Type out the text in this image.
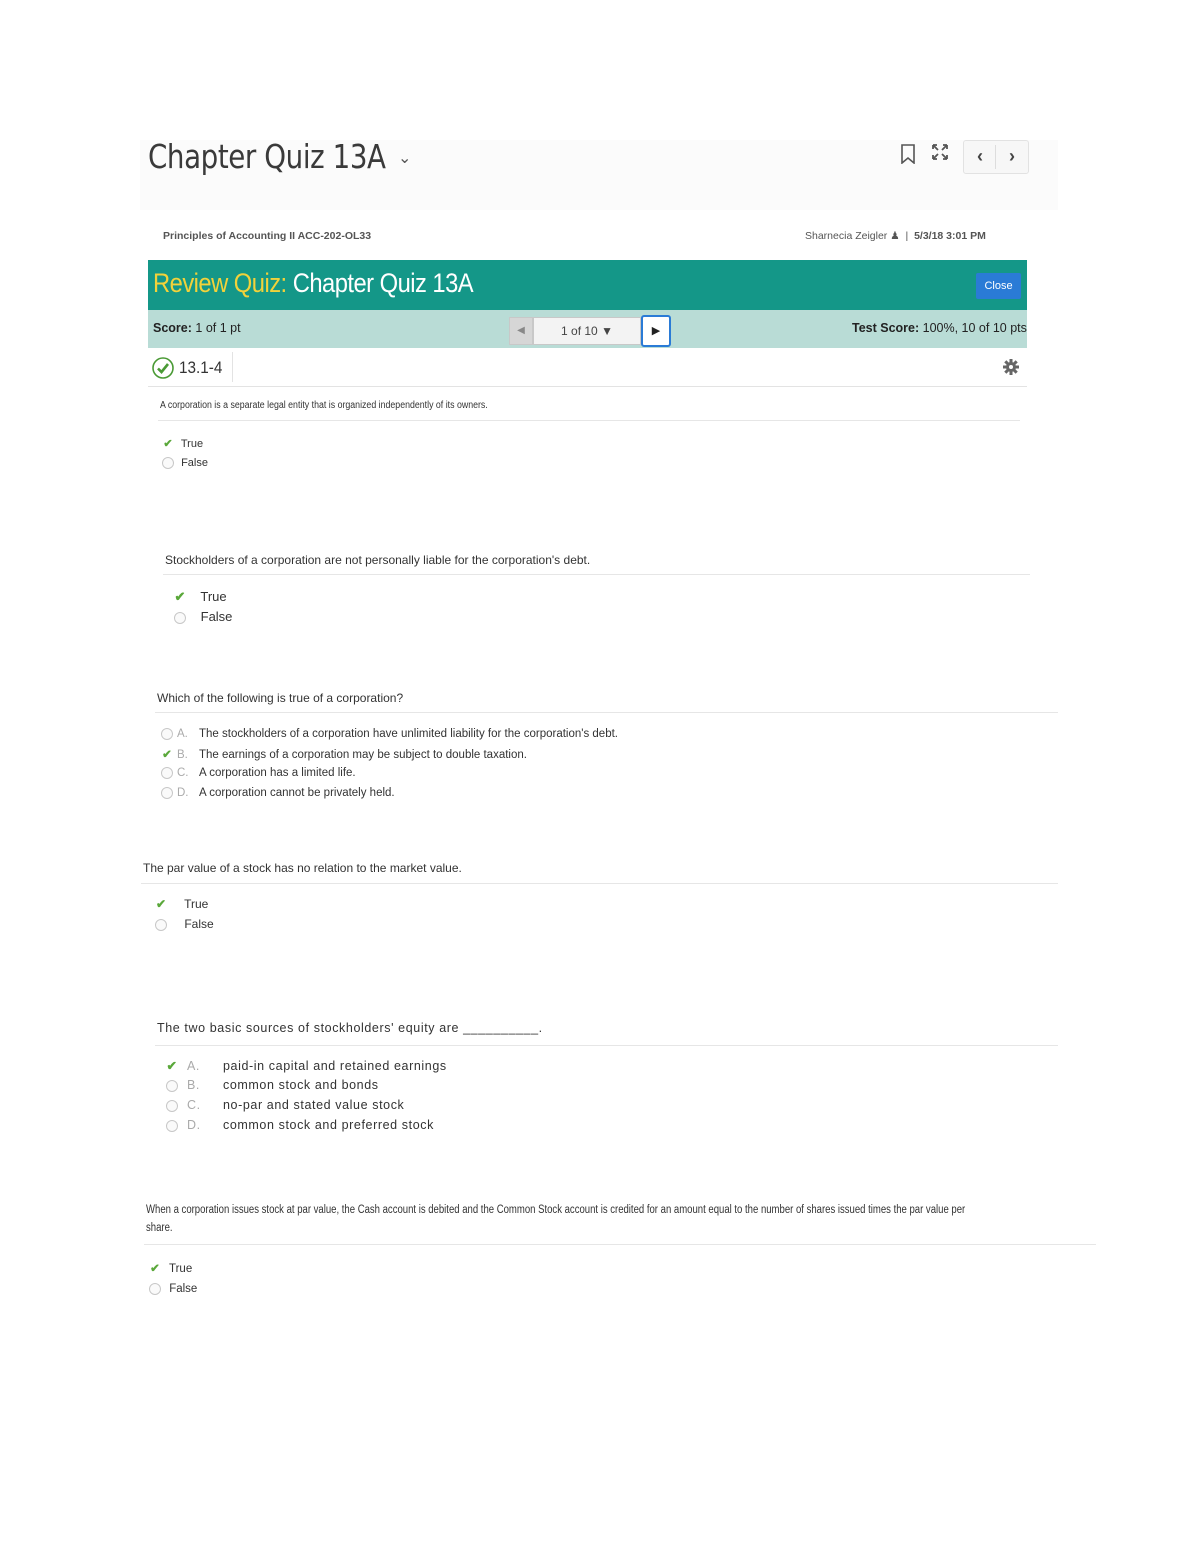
Chapter Quiz 13A ⌄	‹	›
Principles of Accounting II ACC-202-OL33	Sharnecia Zeigler ♟ | 5/3/18 3:01 PM
Review Quiz: Chapter Quiz 13A	Close
Score: 1 of 1 pt	◀	1 of 10 ▼	▶	Test Score: 100%, 10 of 10 pts
13.1-4
A corporation is a separate legal entity that is organized independently of its owners.
✔ True
False
Stockholders of a corporation are not personally liable for the corporation's debt.
✔ True
False
Which of the following is true of a corporation?
A. The stockholders of a corporation have unlimited liability for the corporation's debt.
✔ B. The earnings of a corporation may be subject to double taxation.
C. A corporation has a limited life.
D. A corporation cannot be privately held.
The par value of a stock has no relation to the market value.
✔ True
False
The two basic sources of stockholders' equity are __________.
✔ A. paid-in capital and retained earnings
B. common stock and bonds
C. no-par and stated value stock
D. common stock and preferred stock
When a corporation issues stock at par value, the Cash account is debited and the Common Stock account is credited for an amount equal to the number of shares issued times the par value per
share.
✔ True
False
